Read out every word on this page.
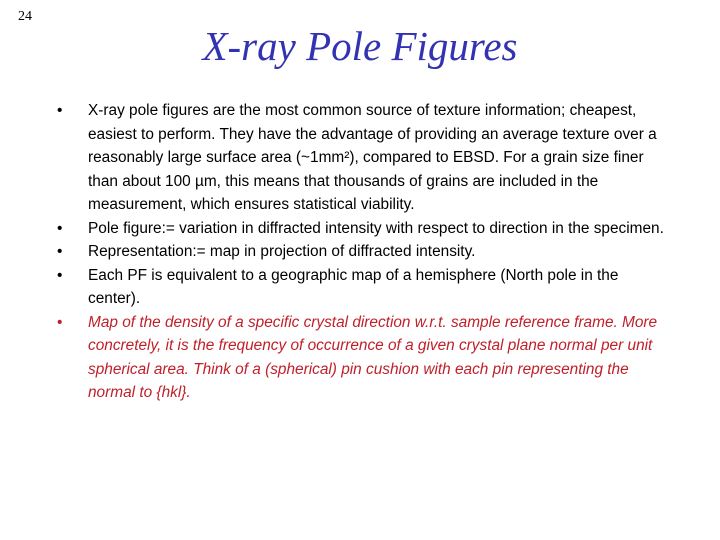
24
X-ray Pole Figures
•	X-ray pole figures are the most common source of texture information; cheapest, easiest to perform. They have the advantage of providing an average texture over a reasonably large surface area (~1mm²), compared to EBSD. For a grain size finer than about 100 µm, this means that thousands of grains are included in the measurement, which ensures statistical viability.
•	Pole figure:= variation in diffracted intensity with respect to direction in the specimen.
•	Representation:= map in projection of diffracted intensity.
•	Each PF is equivalent to a geographic map of a hemisphere (North pole in the center).
•	Map of the density of a specific crystal direction w.r.t. sample reference frame. More concretely, it is the frequency of occurrence of a given crystal plane normal per unit spherical area. Think of a (spherical) pin cushion with each pin representing the normal to {hkl}.
